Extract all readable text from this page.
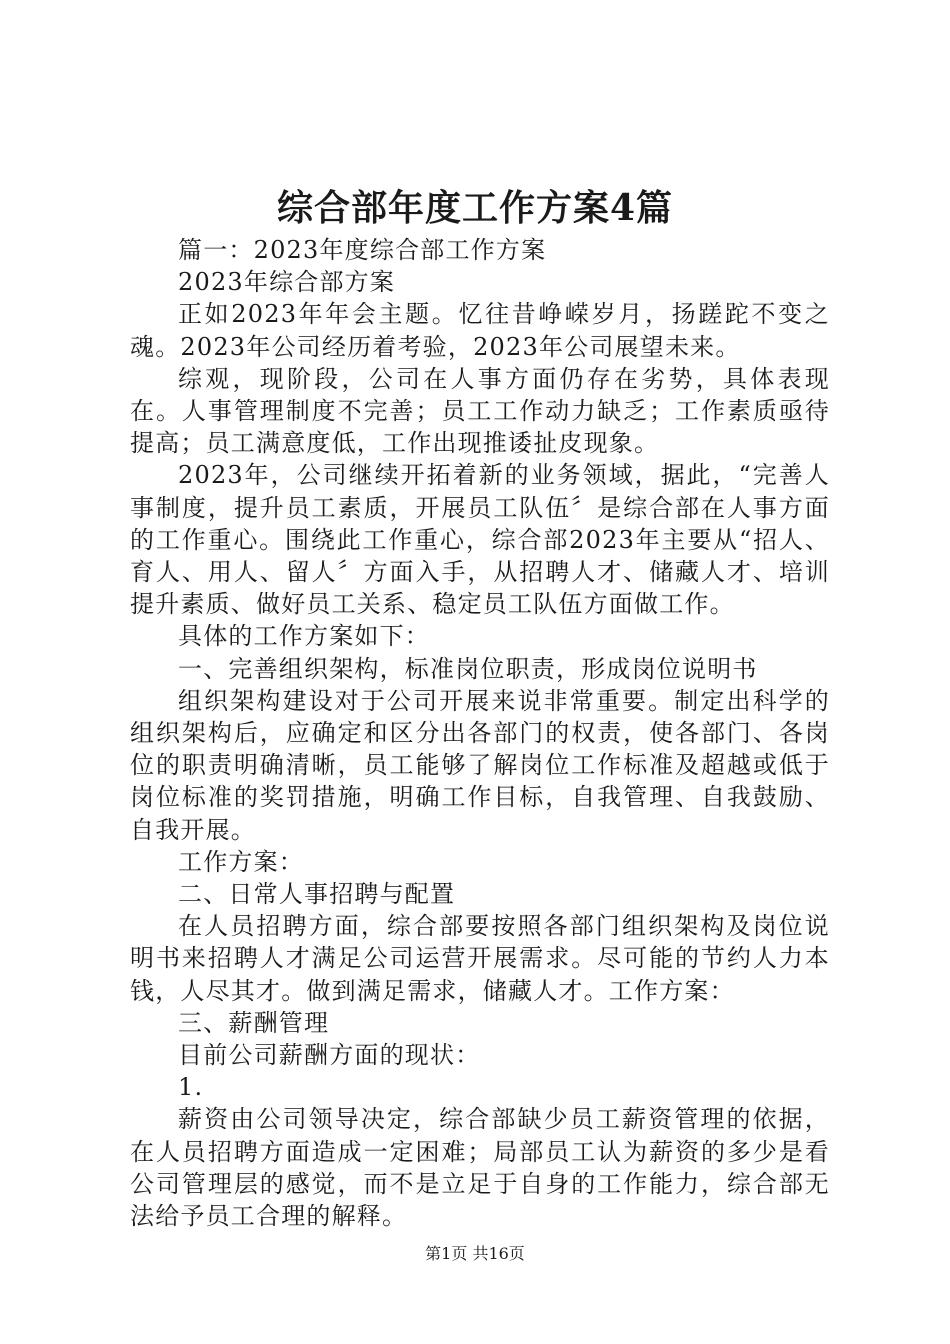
综合部年度工作方案4篇

篇一：2023年度综合部工作方案

2023年综合部方案

正如2023年年会主题。忆往昔峥嵘岁月，扬蹉跎不变之魂。2023年公司经历着考验，2023年公司展望未来。

综观，现阶段，公司在人事方面仍存在劣势，具体表现在。人事管理制度不完善；员工工作动力缺乏；工作素质亟待提高；员工满意度低，工作出现推诿扯皮现象。

2023年，公司继续开拓着新的业务领域，据此，“完善人事制度，提升员工素质，开展员工队伍〞是综合部在人事方面的工作重心。围绕此工作重心，综合部2023年主要从“招人、育人、用人、留人〞方面入手，从招聘人才、储藏人才、培训提升素质、做好员工关系、稳定员工队伍方面做工作。

具体的工作方案如下：

一、完善组织架构，标准岗位职责，形成岗位说明书

组织架构建设对于公司开展来说非常重要。制定出科学的组织架构后，应确定和区分出各部门的权责，使各部门、各岗位的职责明确清晰，员工能够了解岗位工作标准及超越或低于岗位标准的奖罚措施，明确工作目标，自我管理、自我鼓励、自我开展。

工作方案：

二、日常人事招聘与配置

在人员招聘方面，综合部要按照各部门组织架构及岗位说明书来招聘人才满足公司运营开展需求。尽可能的节约人力本钱，人尽其才。做到满足需求，储藏人才。工作方案：

三、薪酬管理

目前公司薪酬方面的现状：

1.

薪资由公司领导决定，综合部缺少员工薪资管理的依据，在人员招聘方面造成一定困难；局部员工认为薪资的多少是看公司管理层的感觉，而不是立足于自身的工作能力，综合部无法给予员工合理的解释。

第1页 共16页
